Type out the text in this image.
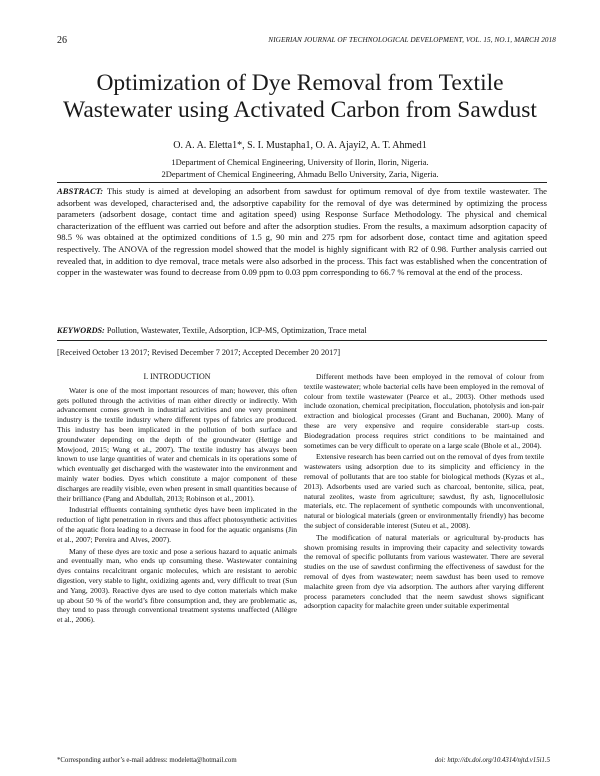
26	NIGERIAN JOURNAL OF TECHNOLOGICAL DEVELOPMENT, VOL. 15, NO.1, MARCH 2018
Optimization of Dye Removal from Textile
Wastewater using Activated Carbon from Sawdust
O. A. A. Eletta1*, S. I. Mustapha1, O. A. Ajayi2, A. T. Ahmed1
1Department of Chemical Engineering, University of Ilorin, Ilorin, Nigeria.
2Department of Chemical Engineering, Ahmadu Bello University, Zaria, Nigeria.
ABSTRACT: This study is aimed at developing an adsorbent from sawdust for optimum removal of dye from textile wastewater. The adsorbent was developed, characterised and, the adsorptive capability for the removal of dye was determined by optimizing the process parameters (adsorbent dosage, contact time and agitation speed) using Response Surface Methodology. The physical and chemical characterization of the effluent was carried out before and after the adsorption studies. From the results, a maximum adsorption capacity of 98.5 % was obtained at the optimized conditions of 1.5 g, 90 min and 275 rpm for adsorbent dose, contact time and agitation speed respectively. The ANOVA of the regression model showed that the model is highly significant with R2 of 0.98. Further analysis carried out revealed that, in addition to dye removal, trace metals were also adsorbed in the process. This fact was established when the concentration of copper in the wastewater was found to decrease from 0.09 ppm to 0.03 ppm corresponding to 66.7 % removal at the end of the process.
KEYWORDS: Pollution, Wastewater, Textile, Adsorption, ICP-MS, Optimization, Trace metal
[Received October 13 2017; Revised December 7 2017; Accepted December 20 2017]
I. INTRODUCTION

Water is one of the most important resources of man; however, this often gets polluted through the activities of man either directly or indirectly. With advancement comes growth in industrial activities and one very prominent industry is the textile industry where different types of fabrics are produced. This industry has been implicated in the pollution of both surface and groundwater depending on the depth of the groundwater (Hettige and Mowjood, 2015; Wang et al., 2007). The textile industry has always been known to use large quantities of water and chemicals in its operations some of which eventually get discharged with the wastewater into the environment and mainly water bodies. Dyes which constitute a major component of these discharges are readily visible, even when present in small quantities because of their brilliance (Pang and Abdullah, 2013; Robinson et al., 2001).

Industrial effluents containing synthetic dyes have been implicated in the reduction of light penetration in rivers and thus affect photosynthetic activities of the aquatic flora leading to a decrease in food for the aquatic organisms (Jin et al., 2007; Pereira and Alves, 2007).

Many of these dyes are toxic and pose a serious hazard to aquatic animals and eventually man, who ends up consuming these. Wastewater containing dyes contains recalcitrant organic molecules, which are resistant to aerobic digestion, very stable to light, oxidizing agents and, very difficult to treat (Sun and Yang, 2003). Reactive dyes are used to dye cotton materials which make up about 50 % of the world’s fibre consumption and, they are problematic as, they tend to pass through conventional treatment systems unaffected (Allègre et al., 2006).

Different methods have been employed in the removal of colour from textile wastewater; whole bacterial cells have been employed in the removal of colour from textile wastewater (Pearce et al., 2003). Other methods used include ozonation, chemical precipitation, flocculation, photolysis and ion-pair extraction and biological processes (Grant and Buchanan, 2000). Many of these are very expensive and require considerable start-up costs. Biodegradation process requires strict conditions to be maintained and sometimes can be very difficult to operate on a large scale (Bhole et al., 2004).

Extensive research has been carried out on the removal of dyes from textile wastewaters using adsorption due to its simplicity and efficiency in the removal of pollutants that are too stable for biological methods (Kyzas et al., 2013). Adsorbents used are varied such as charcoal, bentonite, silica, peat, natural zeolites, waste from agriculture; sawdust, fly ash, lignocellulosic materials, etc. The replacement of synthetic compounds with unconventional, natural or biological materials (green or environmentally friendly) has become the subject of considerable interest (Suteu et al., 2008).

The modification of natural materials or agricultural by-products has shown promising results in improving their capacity and selectivity towards the removal of specific pollutants from various wastewater. There are several studies on the use of sawdust confirming the effectiveness of sawdust for the removal of dyes from wastewater; neem sawdust has been used to remove malachite green from dye via adsorption. The authors after varying different process parameters concluded that the neem sawdust shows significant adsorption capacity for malachite green under suitable experimental

*Corresponding author’s e-mail address: modeletta@hotmail.com	doi: http://dx.doi.org/10.4314/njtd.v15i1.5
